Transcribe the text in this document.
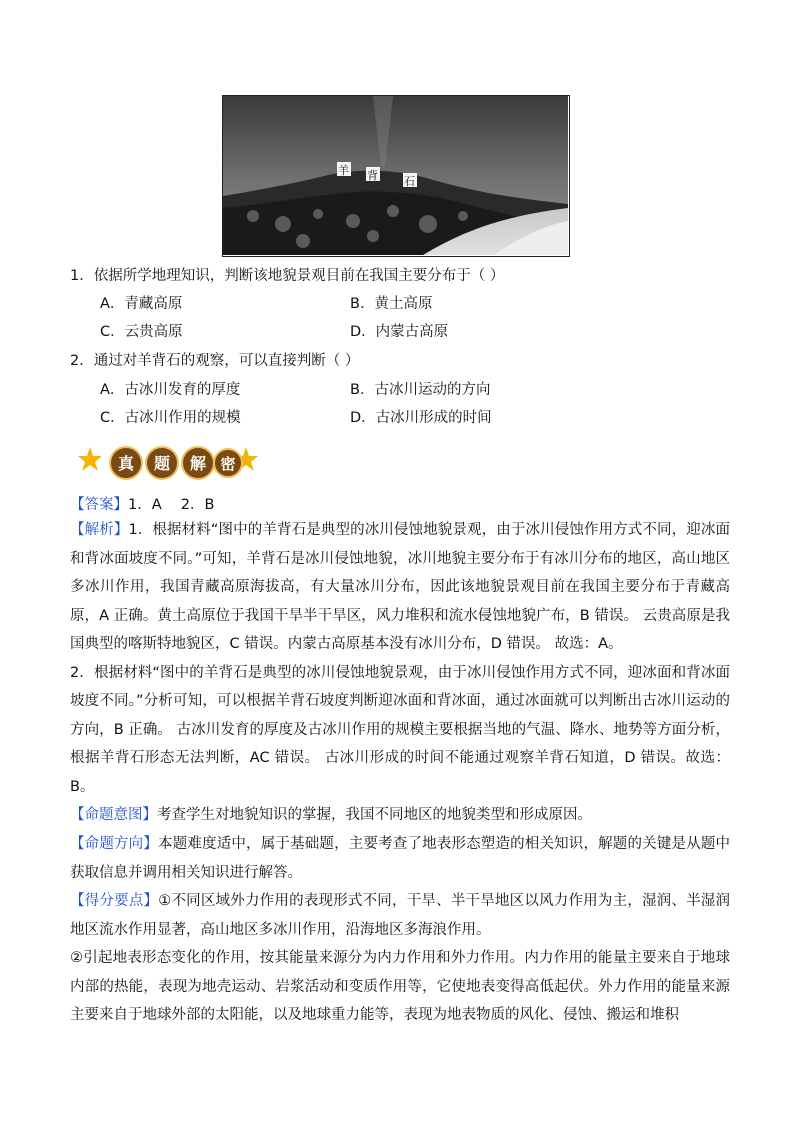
羊 背 石
1．依据所学地理知识，判断该地貌景观目前在我国主要分布于（ ）
A．青藏高原	B．黄土高原
C．云贵高原	D．内蒙古高原
2．通过对羊背石的观察，可以直接判断（ ）
A．古冰川发育的厚度	B．古冰川运动的方向
C．古冰川作用的规模	D．古冰川形成的时间
真 题 解 密
【答案】1．A　 2．B

【解析】1．根据材料“图中的羊背石是典型的冰川侵蚀地貌景观，由于冰川侵蚀作用方式不同，迎冰面和背冰面坡度不同。”可知，羊背石是冰川侵蚀地貌，冰川地貌主要分布于有冰川分布的地区，高山地区多冰川作用，我国青藏高原海拔高，有大量冰川分布，因此该地貌景观目前在我国主要分布于青藏高原，A 正确。黄土高原位于我国干旱半干旱区，风力堆积和流水侵蚀地貌广布，B 错误。 云贵高原是我国典型的喀斯特地貌区，C 错误。内蒙古高原基本没有冰川分布，D 错误。 故选：A。

2．根据材料“图中的羊背石是典型的冰川侵蚀地貌景观，由于冰川侵蚀作用方式不同，迎冰面和背冰面坡度不同。”分析可知，可以根据羊背石坡度判断迎冰面和背冰面，通过冰面就可以判断出古冰川运动的方向，B 正确。 古冰川发育的厚度及古冰川作用的规模主要根据当地的气温、降水、地势等方面分析，根据羊背石形态无法判断，AC 错误。 古冰川形成的时间不能通过观察羊背石知道，D 错误。故选：B。

【命题意图】考查学生对地貌知识的掌握，我国不同地区的地貌类型和形成原因。

【命题方向】本题难度适中，属于基础题，主要考查了地表形态塑造的相关知识，解题的关键是从题中获取信息并调用相关知识进行解答。

【得分要点】①不同区域外力作用的表现形式不同，干旱、半干旱地区以风力作用为主，湿润、半湿润地区流水作用显著，高山地区多冰川作用，沿海地区多海浪作用。

②引起地表形态变化的作用，按其能量来源分为内力作用和外力作用。内力作用的能量主要来自于地球内部的热能，表现为地壳运动、岩浆活动和变质作用等，它使地表变得高低起伏。外力作用的能量来源主要来自于地球外部的太阳能，以及地球重力能等，表现为地表物质的风化、侵蚀、搬运和堆积
